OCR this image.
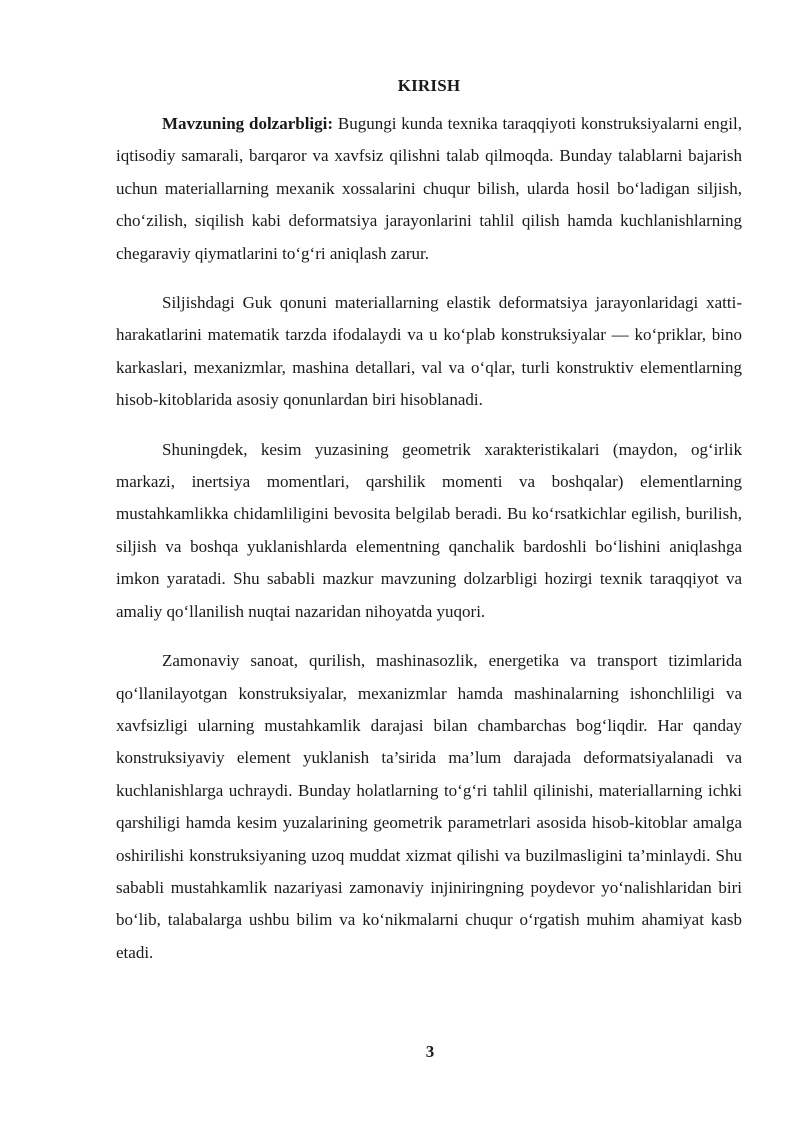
KIRISH

Mavzuning dolzarbligi: Bugungi kunda texnika taraqqiyoti konstruksiyalarni engil, iqtisodiy samarali, barqaror va xavfsiz qilishni talab qilmoqda. Bunday talablarni bajarish uchun materiallarning mexanik xossalarini chuqur bilish, ularda hosil bo‘ladigan siljish, cho‘zilish, siqilish kabi deformatsiya jarayonlarini tahlil qilish hamda kuchlanishlarning chegaraviy qiymatlarini to‘g‘ri aniqlash zarur.

Siljishdagi Guk qonuni materiallarning elastik deformatsiya jarayonlaridagi xatti-harakatlarini matematik tarzda ifodalaydi va u ko‘plab konstruksiyalar — ko‘priklar, bino karkaslari, mexanizmlar, mashina detallari, val va o‘qlar, turli konstruktiv elementlarning hisob-kitoblarida asosiy qonunlardan biri hisoblanadi.

Shuningdek, kesim yuzasining geometrik xarakteristikalari (maydon, og‘irlik markazi, inertsiya momentlari, qarshilik momenti va boshqalar) elementlarning mustahkamlikka chidamliligini bevosita belgilab beradi. Bu ko‘rsatkichlar egilish, burilish, siljish va boshqa yuklanishlarda elementning qanchalik bardoshli bo‘lishini aniqlashga imkon yaratadi. Shu sababli mazkur mavzuning dolzarbligi hozirgi texnik taraqqiyot va amaliy qo‘llanilish nuqtai nazaridan nihoyatda yuqori.

Zamonaviy sanoat, qurilish, mashinasozlik, energetika va transport tizimlarida qo‘llanilayotgan konstruksiyalar, mexanizmlar hamda mashinalarning ishonchliligi va xavfsizligi ularning mustahkamlik darajasi bilan chambarchas bog‘liqdir. Har qanday konstruksiyaviy element yuklanish ta’sirida ma’lum darajada deformatsiyalanadi va kuchlanishlarga uchraydi. Bunday holatlarning to‘g‘ri tahlil qilinishi, materiallarning ichki qarshiligi hamda kesim yuzalarining geometrik parametrlari asosida hisob-kitoblar amalga oshirilishi konstruksiyaning uzoq muddat xizmat qilishi va buzilmasligini ta’minlaydi. Shu sababli mustahkamlik nazariyasi zamonaviy injiniringning poydevor yo‘nalishlaridan biri bo‘lib, talabalarga ushbu bilim va ko‘nikmalarni chuqur o‘rgatish muhim ahamiyat kasb etadi.

3
